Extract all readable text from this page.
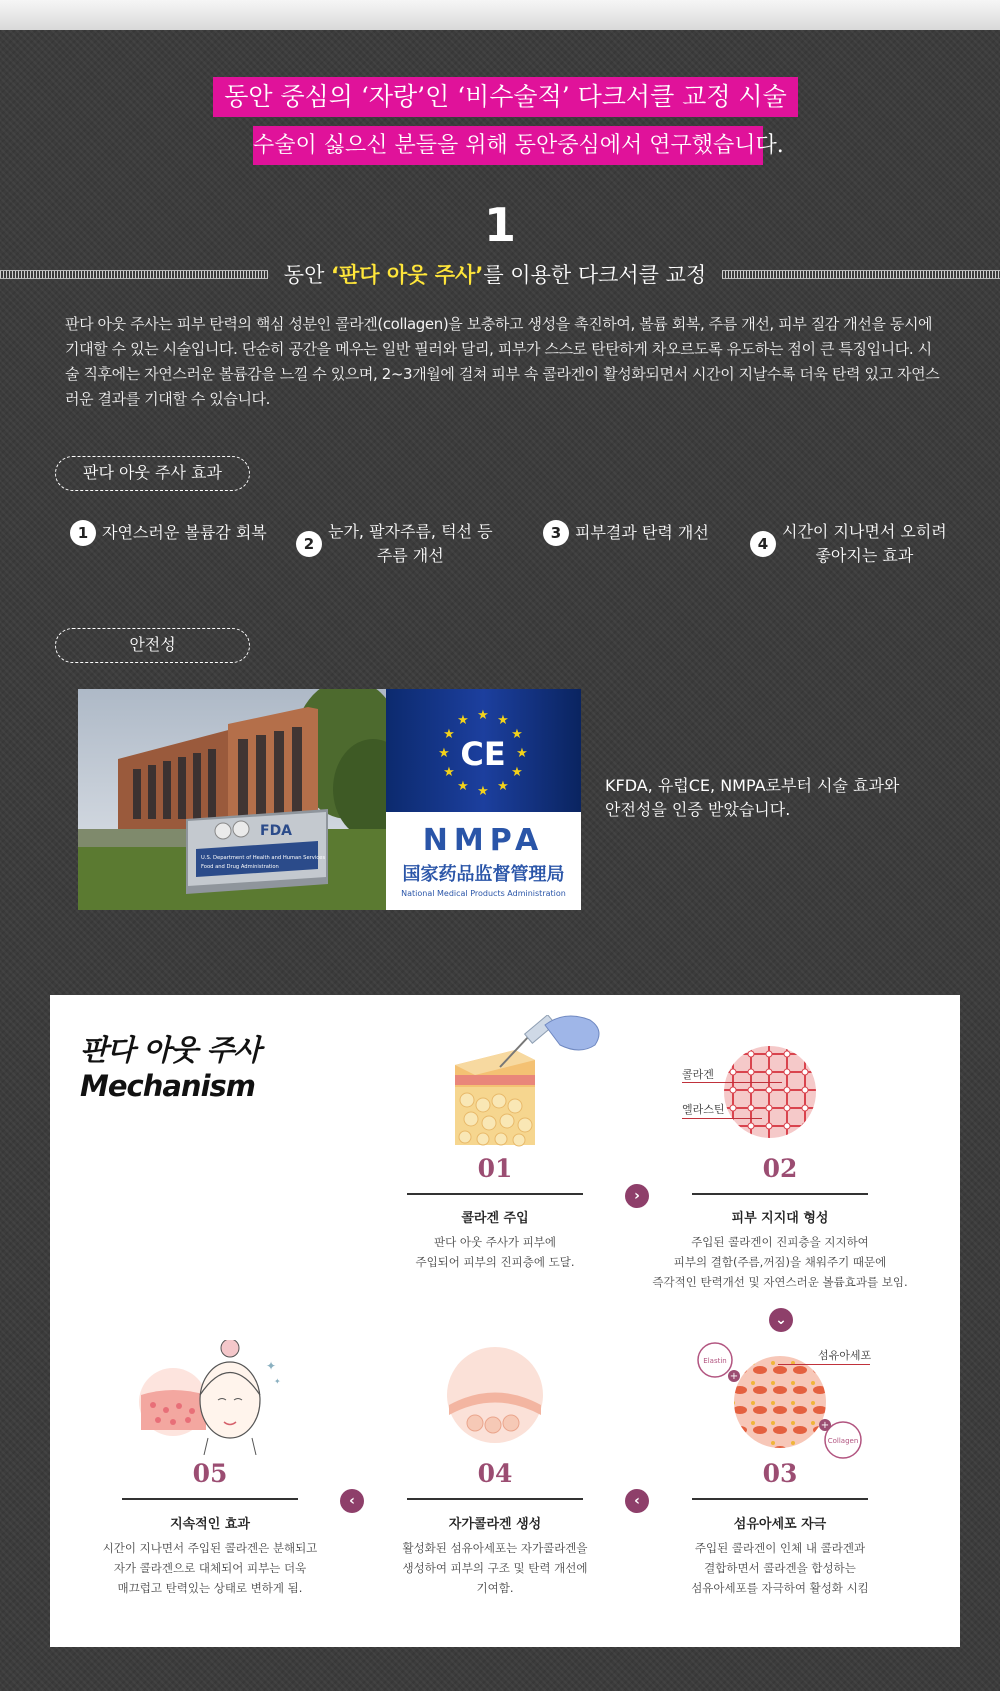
동안 중심의 ‘자랑’인 ‘비수술적’ 다크서클 교정 시술
수술이 싫으신 분들을 위해 동안중심에서 연구했습니다.
1
동안 ‘판다 아웃 주사’를 이용한 다크서클 교정
판다 아웃 주사는 피부 탄력의 핵심 성분인 콜라겐(collagen)을 보충하고 생성을 촉진하여, 볼륨 회복, 주름 개선, 피부 질감 개선을 동시에 기대할 수 있는 시술입니다. 단순히 공간을 메우는 일반 필러와 달리, 피부가 스스로 탄탄하게 차오르도록 유도하는 점이 큰 특징입니다. 시술 직후에는 자연스러운 볼륨감을 느낄 수 있으며, 2~3개월에 걸쳐 피부 속 콜라겐이 활성화되면서 시간이 지날수록 더욱 탄력 있고 자연스러운 결과를 기대할 수 있습니다.
판다 아웃 주사 효과
1 자연스러운 볼륨감 회복
2눈가, 팔자주름, 턱선 등
주름 개선
3 피부결과 탄력 개선
4시간이 지나면서 오히려
좋아지는 효과
안전성
FDA
U.S. Department of Health and Human Services
Food and Drug Administration
★ ★
★
★
★
★
★
★
★
★
★
★
CE
NMPA
国家药品监督管理局
National Medical Products Administration
KFDA, 유럽CE, NMPA로부터 시술 효과와
안전성을 인증 받았습니다.
판다 아웃 주사
Mechanism	콜라겐
엘라스틴
+
+
Elastin
Collagen
섬유아세포
✦
✦
01
콜라겐 주입
판다 아웃 주사가 피부에
주입되어 피부의 진피층에 도달.
›
02
피부 지지대 형성
주입된 콜라겐이 진피층을 지지하여
피부의 결함(주름,꺼짐)을 채워주기 때문에
즉각적인 탄력개선 및 자연스러운 볼륨효과를 보임.
⌄
05
지속적인 효과
시간이 지나면서 주입된 콜라겐은 분해되고
자가 콜라겐으로 대체되어 피부는 더욱
매끄럽고 탄력있는 상태로 변하게 됨.
‹
04
자가콜라겐 생성
활성화된 섬유아세포는 자가콜라겐을
생성하여 피부의 구조 및 탄력 개선에
기여함.
‹
03
섬유아세포 자극
주입된 콜라겐이 인체 내 콜라겐과
결합하면서 콜라겐을 합성하는
섬유아세포를 자극하여 활성화 시킴
